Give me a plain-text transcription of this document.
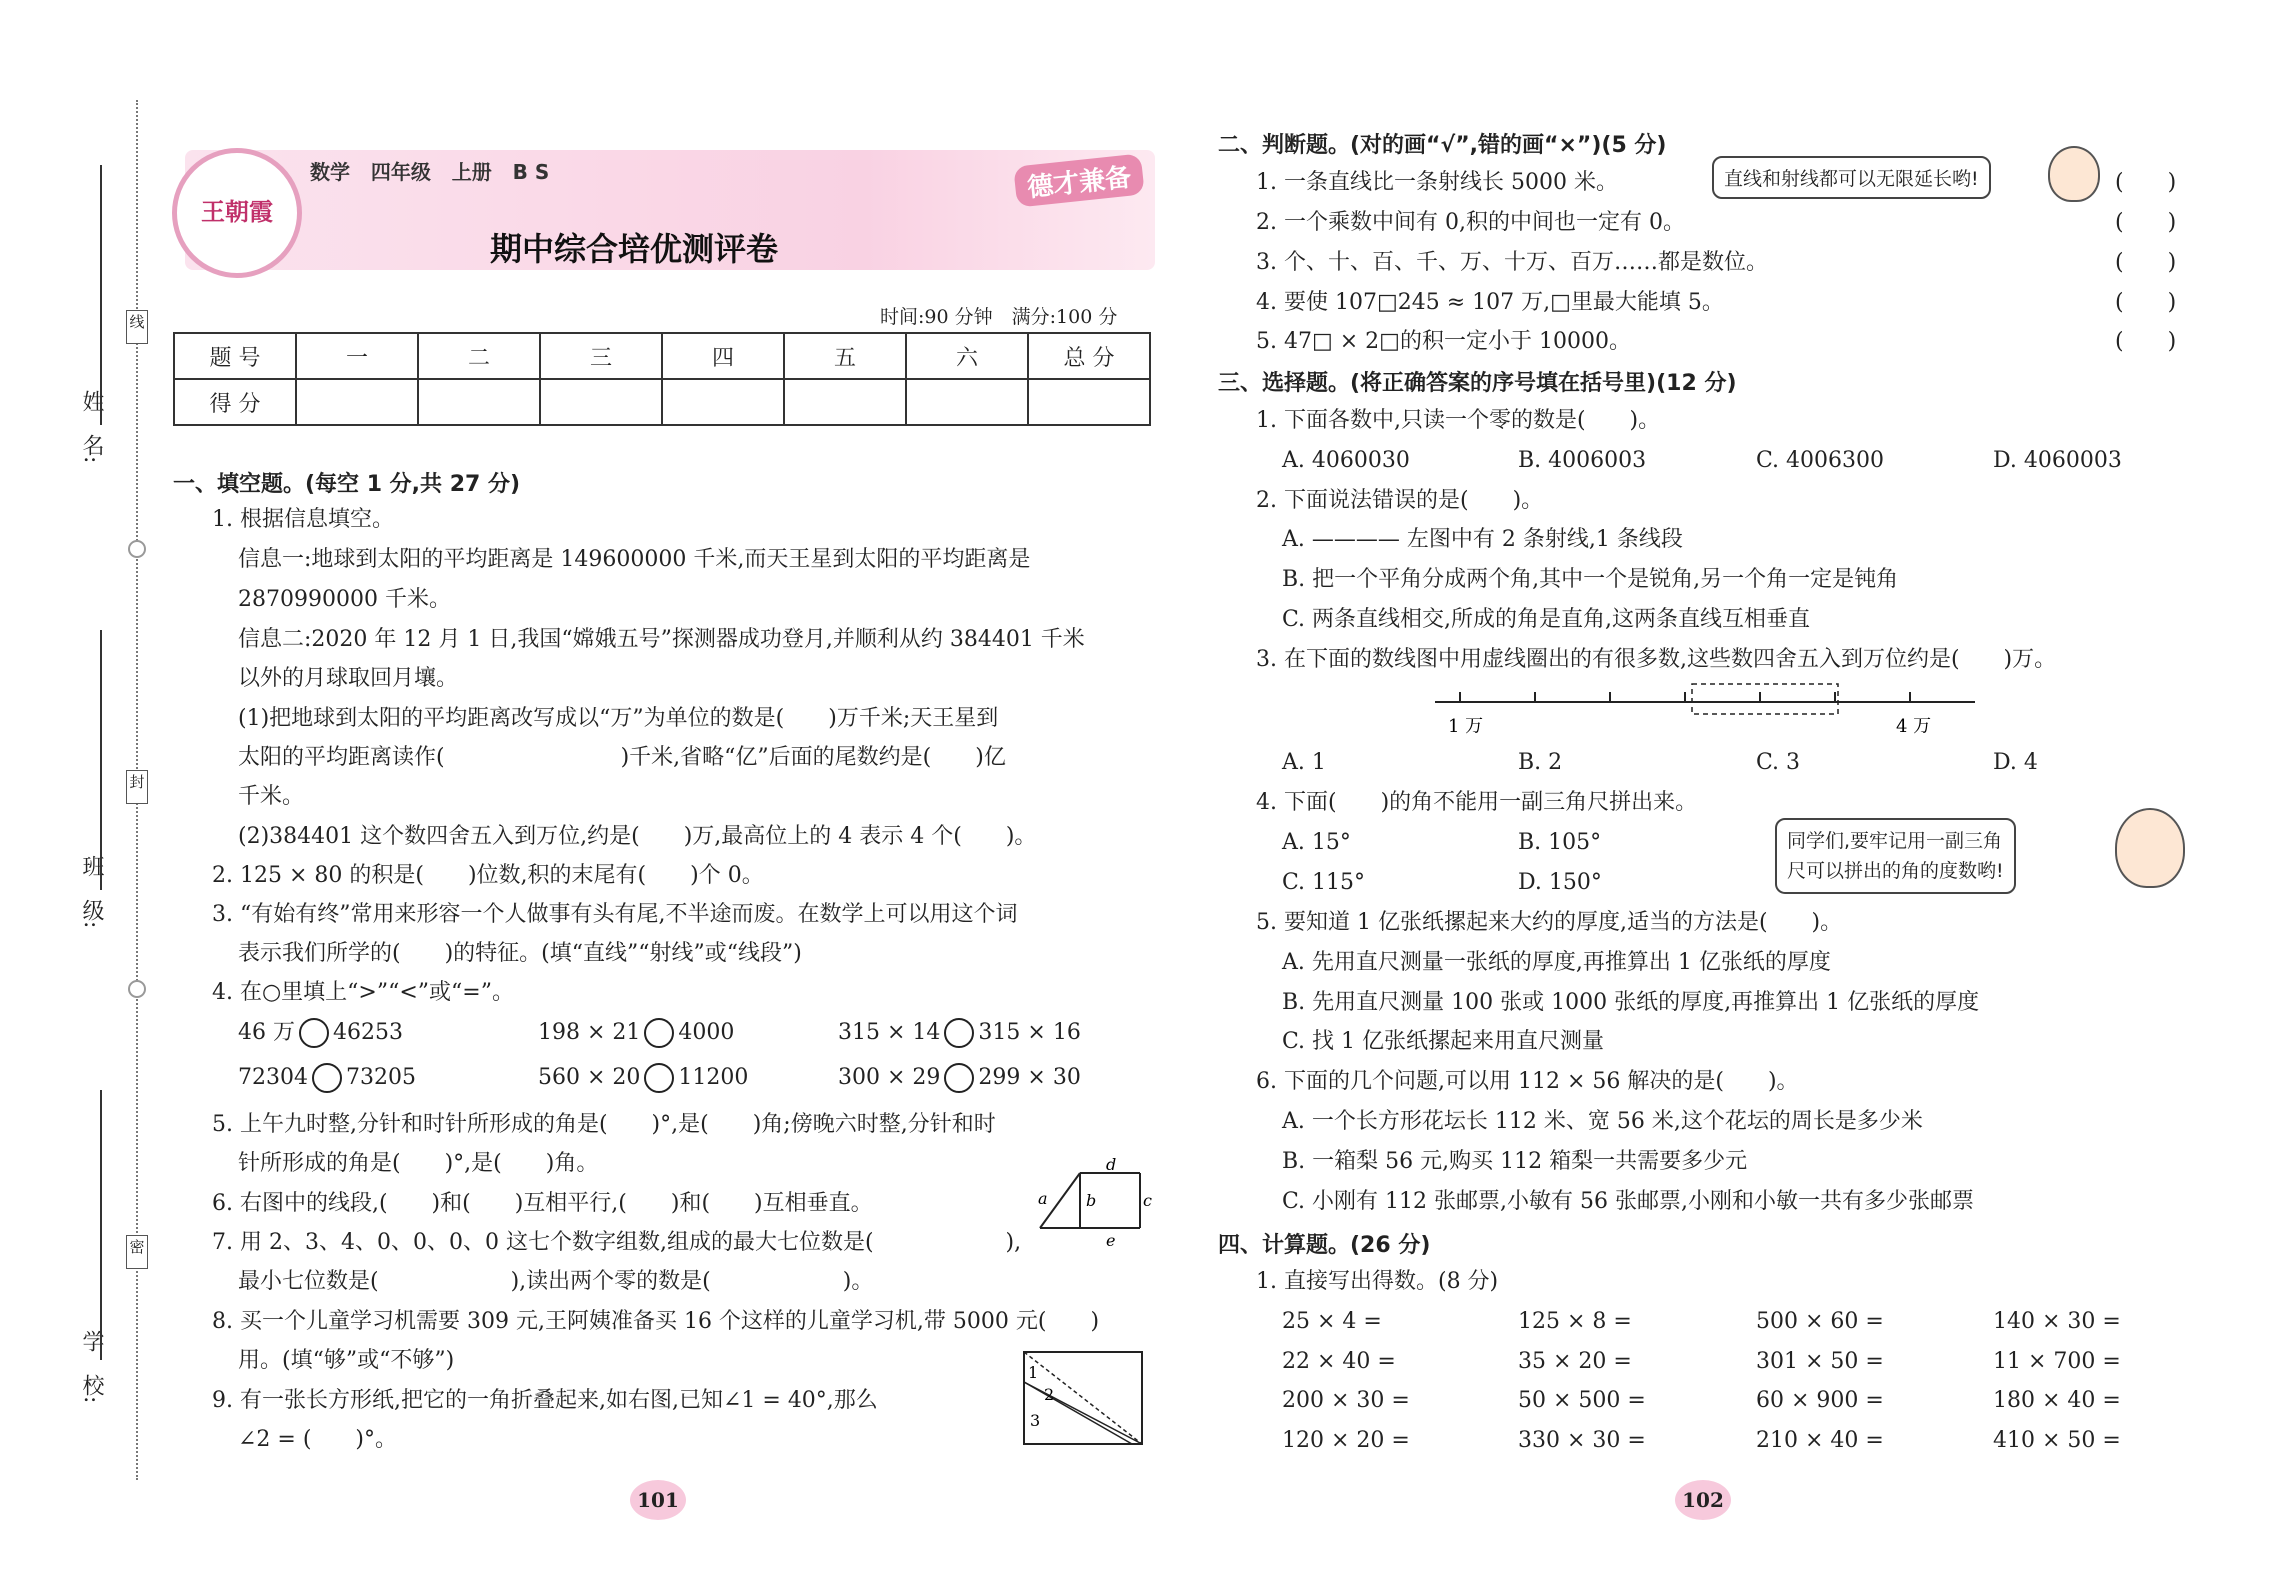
姓　名:
班　级:
学　校:
线
封
密
王朝霞
数学 四年级 上册 B S
期中综合培优测评卷
德才兼备
时间:90 分钟　满分:100 分
题 号	一	二	三	四	五	六	总 分
得 分							
一、填空题。(每空 1 分,共 27 分)
1. 根据信息填空。
信息一:地球到太阳的平均距离是 149600000 千米,而天王星到太阳的平均距离是
2870990000 千米。
信息二:2020 年 12 月 1 日,我国“嫦娥五号”探测器成功登月,并顺利从约 384401 千米
以外的月球取回月壤。
(1)把地球到太阳的平均距离改写成以“万”为单位的数是(　　)万千米;天王星到
太阳的平均距离读作(　　　　　　　　)千米,省略“亿”后面的尾数约是(　　)亿
千米。
(2)384401 这个数四舍五入到万位,约是(　　)万,最高位上的 4 表示 4 个(　　)。
2. 125 × 80 的积是(　　)位数,积的末尾有(　　)个 0。
3. “有始有终”常用来形容一个人做事有头有尾,不半途而废。在数学上可以用这个词
表示我们所学的(　　)的特征。(填“直线”“射线”或“线段”)
4. 在○里填上“>”“<”或“=”。
46 万 46253	198 × 21 4000	315 × 14 315 × 16
72304 73205	560 × 20 11200	300 × 29 299 × 30
5. 上午九时整,分针和时针所形成的角是(　　)°,是(　　)角;傍晚六时整,分针和时
针所形成的角是(　　)°,是(　　)角。
6. 右图中的线段,(　　)和(　　)互相平行,(　　)和(　　)互相垂直。	a b	c
d
e
7. 用 2、3、4、0、0、0、0 这七个数字组数,组成的最大七位数是(　　　　　　),
最小七位数是(　　　　　　),读出两个零的数是(　　　　　　)。
8. 买一个儿童学习机需要 309 元,王阿姨准备买 16 个这样的儿童学习机,带 5000 元(　　)
用。(填“够”或“不够”)
9. 有一张长方形纸,把它的一角折叠起来,如右图,已知∠1 = 40°,那么
∠2 = (　　)°。
1
2
3
101
二、判断题。(对的画“√”,错的画“×”)(5 分)
1. 一条直线比一条射线长 5000 米。
2. 一个乘数中间有 0,积的中间也一定有 0。
3. 个、十、百、千、万、十万、百万……都是数位。
4. 要使 107□245 ≈ 107 万,□里最大能填 5。
5. 47□ × 2□的积一定小于 10000。
(　　)
(　　)
(　　)
(　　)
(　　)
直线和射线都可以无限延长哟!
三、选择题。(将正确答案的序号填在括号里)(12 分)
1. 下面各数中,只读一个零的数是(　　)。
A. 4060030	B. 4006003	C. 4006300	D. 4060003
2. 下面说法错误的是(　　)。
A. ———— 左图中有 2 条射线,1 条线段
B. 把一个平角分成两个角,其中一个是锐角,另一个角一定是钝角
C. 两条直线相交,所成的角是直角,这两条直线互相垂直
3. 在下面的数线图中用虚线圈出的有很多数,这些数四舍五入到万位约是(　　)万。
1 万	4 万
A. 1	B. 2	C. 3	D. 4
4. 下面(　　)的角不能用一副三角尺拼出来。
A. 15°	B. 105°
C. 115°	D. 150°
同学们,要牢记用一副三角
尺可以拼出的角的度数哟!
5. 要知道 1 亿张纸摞起来大约的厚度,适当的方法是(　　)。
A. 先用直尺测量一张纸的厚度,再推算出 1 亿张纸的厚度
B. 先用直尺测量 100 张或 1000 张纸的厚度,再推算出 1 亿张纸的厚度
C. 找 1 亿张纸摞起来用直尺测量
6. 下面的几个问题,可以用 112 × 56 解决的是(　　)。
A. 一个长方形花坛长 112 米、宽 56 米,这个花坛的周长是多少米
B. 一箱梨 56 元,购买 112 箱梨一共需要多少元
C. 小刚有 112 张邮票,小敏有 56 张邮票,小刚和小敏一共有多少张邮票
四、计算题。(26 分)
1. 直接写出得数。(8 分)
25 × 4 =	125 × 8 =	500 × 60 =	140 × 30 =
22 × 40 =	35 × 20 =	301 × 50 =	11 × 700 =
200 × 30 =	50 × 500 =	60 × 900 =	180 × 40 =
120 × 20 =	330 × 30 =	210 × 40 =	410 × 50 =
102
